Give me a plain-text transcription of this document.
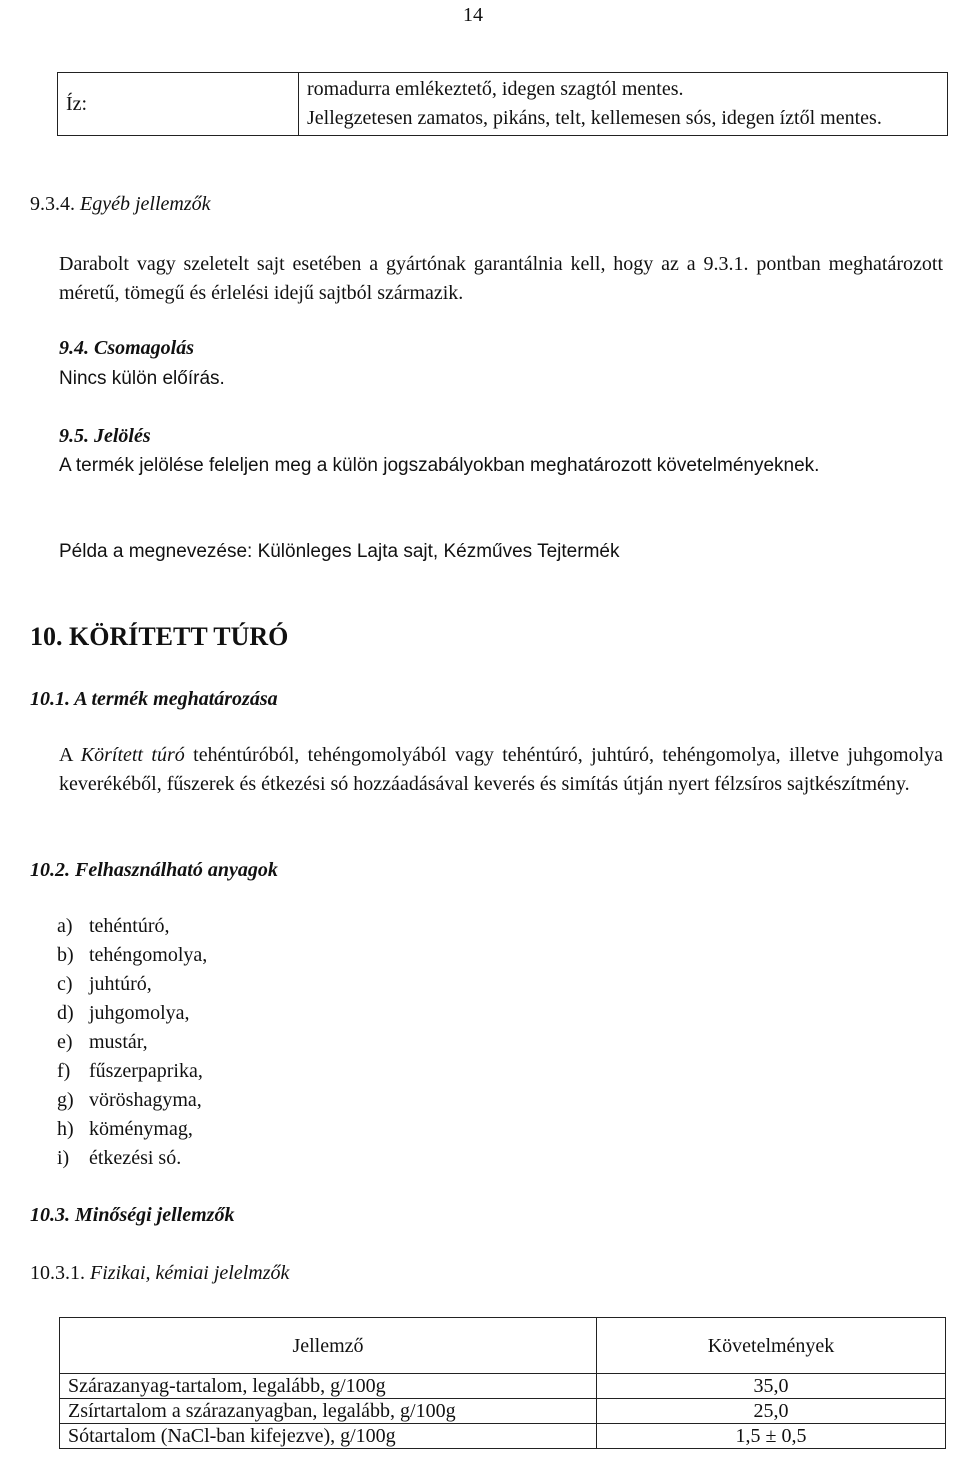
14
Íz:	
romadurra emlékeztető, idegen szagtól mentes.
Jellegzetesen zamatos, pikáns, telt, kellemesen sós, idegen íztől mentes.
9.3.4. Egyéb jellemzők
Darabolt vagy szeletelt sajt esetében a gyártónak garantálnia kell, hogy az a 9.3.1. pontban meghatározott méretű, tömegű és érlelési idejű sajtból származik.
9.4. Csomagolás
Nincs külön előírás.
9.5. Jelölés
A termék jelölése feleljen meg a külön jogszabályokban meghatározott követelményeknek.
Példa a megnevezése: Különleges Lajta sajt, Kézműves Tejtermék
10. KÖRÍTETT TÚRÓ
10.1. A termék meghatározása
A Körített túró tehéntúróból, tehéngomolyából vagy tehéntúró, juhtúró, tehéngomolya, illetve juhgomolya keverékéből, fűszerek és étkezési só hozzáadásával keverés és simítás útján nyert félzsíros sajtkészítmény.
10.2. Felhasználható anyagok
a) tehéntúró,
b) tehéngomolya,
c) juhtúró,
d) juhgomolya,
e) mustár,
f) fűszerpaprika,
g) vöröshagyma,
h) köménymag,
i) étkezési só.
10.3. Minőségi jellemzők
10.3.1. Fizikai, kémiai jelelmzők
Jellemző	Követelmények
Szárazanyag-tartalom, legalább, g/100g	35,0
Zsírtartalom a szárazanyagban, legalább, g/100g	25,0
Sótartalom (NaCl-ban kifejezve), g/100g	1,5 ± 0,5
